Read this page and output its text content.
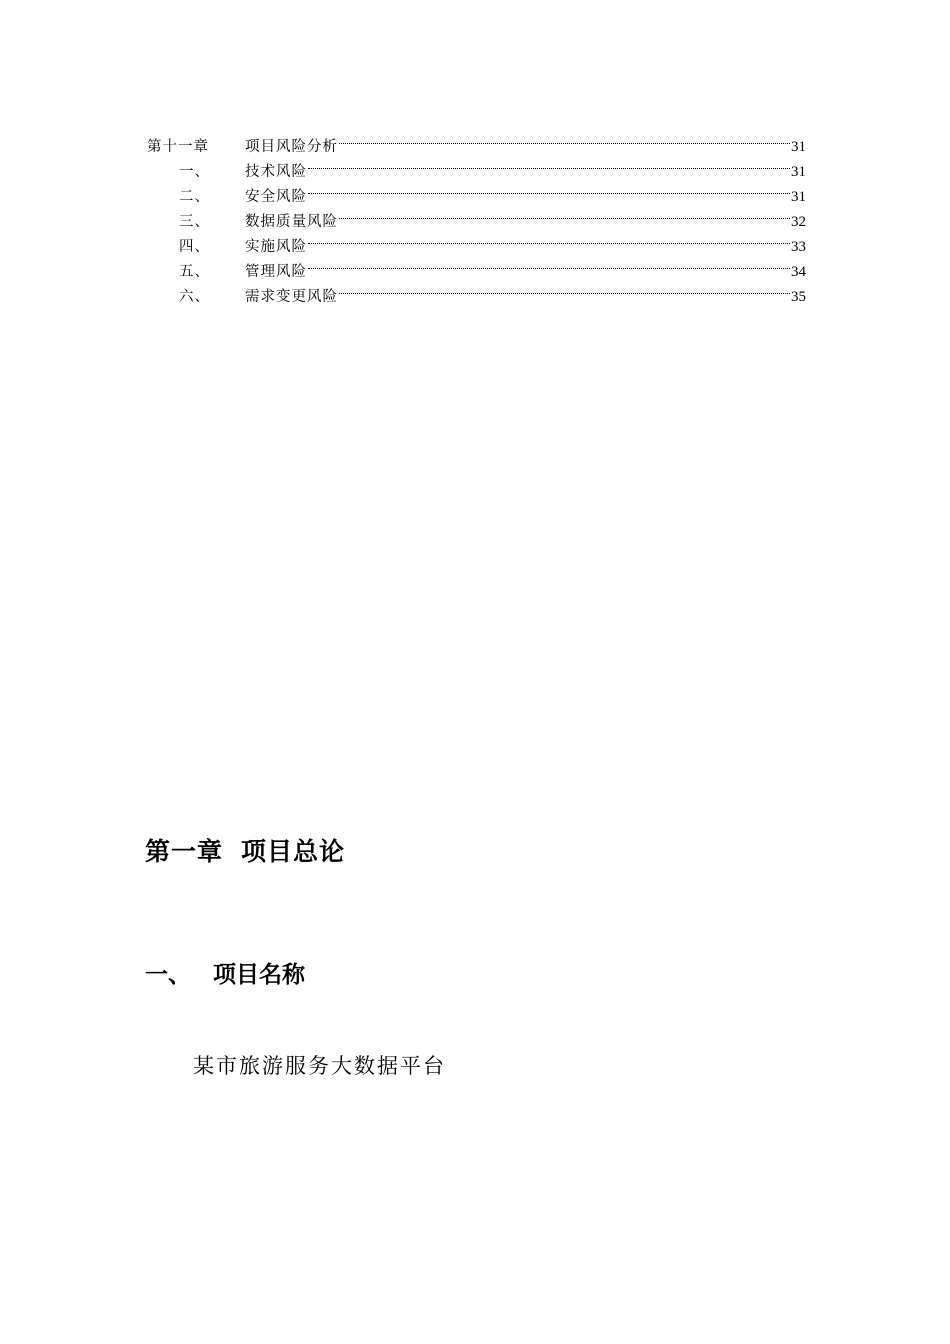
第十一章	项目风险分析	31
一、	技术风险	31
二、	安全风险	31
三、	数据质量风险	32
四、	实施风险	33
五、	管理风险	34
六、	需求变更风险	35
第一章 项目总论
一、 项目名称

某市旅游服务大数据平台
